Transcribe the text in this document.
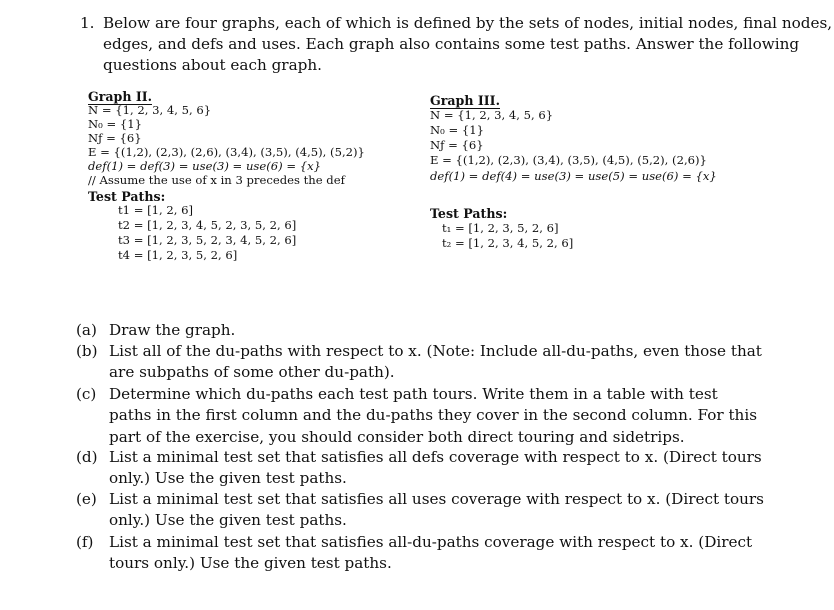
1. Below are four graphs, each of which is defined by the sets of nodes, initial nodes, final nodes,
edges, and defs and uses. Each graph also contains some test paths. Answer the following
questions about each graph.
Graph II.
N = {1, 2, 3, 4, 5, 6}
N₀ = {1}
Nƒ = {6}
E = {(1,2), (2,3), (2,6), (3,4), (3,5), (4,5), (5,2)}
def(1) = def(3) = use(3) = use(6) = {x}
// Assume the use of x in 3 precedes the def
Test Paths:
t1 = [1, 2, 6]
t2 = [1, 2, 3, 4, 5, 2, 3, 5, 2, 6]
t3 = [1, 2, 3, 5, 2, 3, 4, 5, 2, 6]
t4 = [1, 2, 3, 5, 2, 6]
Graph III.
N = {1, 2, 3, 4, 5, 6}
N₀ = {1}
Nƒ = {6}
E = {(1,2), (2,3), (3,4), (3,5), (4,5), (5,2), (2,6)}
def(1) = def(4) = use(3) = use(5) = use(6) = {x}
Test Paths:
t₁ = [1, 2, 3, 5, 2, 6]
t₂ = [1, 2, 3, 4, 5, 2, 6]
(a) Draw the graph.
(b) List all of the du-paths with respect to x. (Note: Include all-du-paths, even those that are subpaths of some other du-path).
(c) Determine which du-paths each test path tours. Write them in a table with test paths in the first column and the du-paths they cover in the second column. For this part of the exercise, you should consider both direct touring and sidetrips.
(d) List a minimal test set that satisfies all defs coverage with respect to x. (Direct tours only.) Use the given test paths.
(e) List a minimal test set that satisfies all uses coverage with respect to x. (Direct tours only.) Use the given test paths.
(f) List a minimal test set that satisfies all-du-paths coverage with respect to x. (Direct tours only.) Use the given test paths.
